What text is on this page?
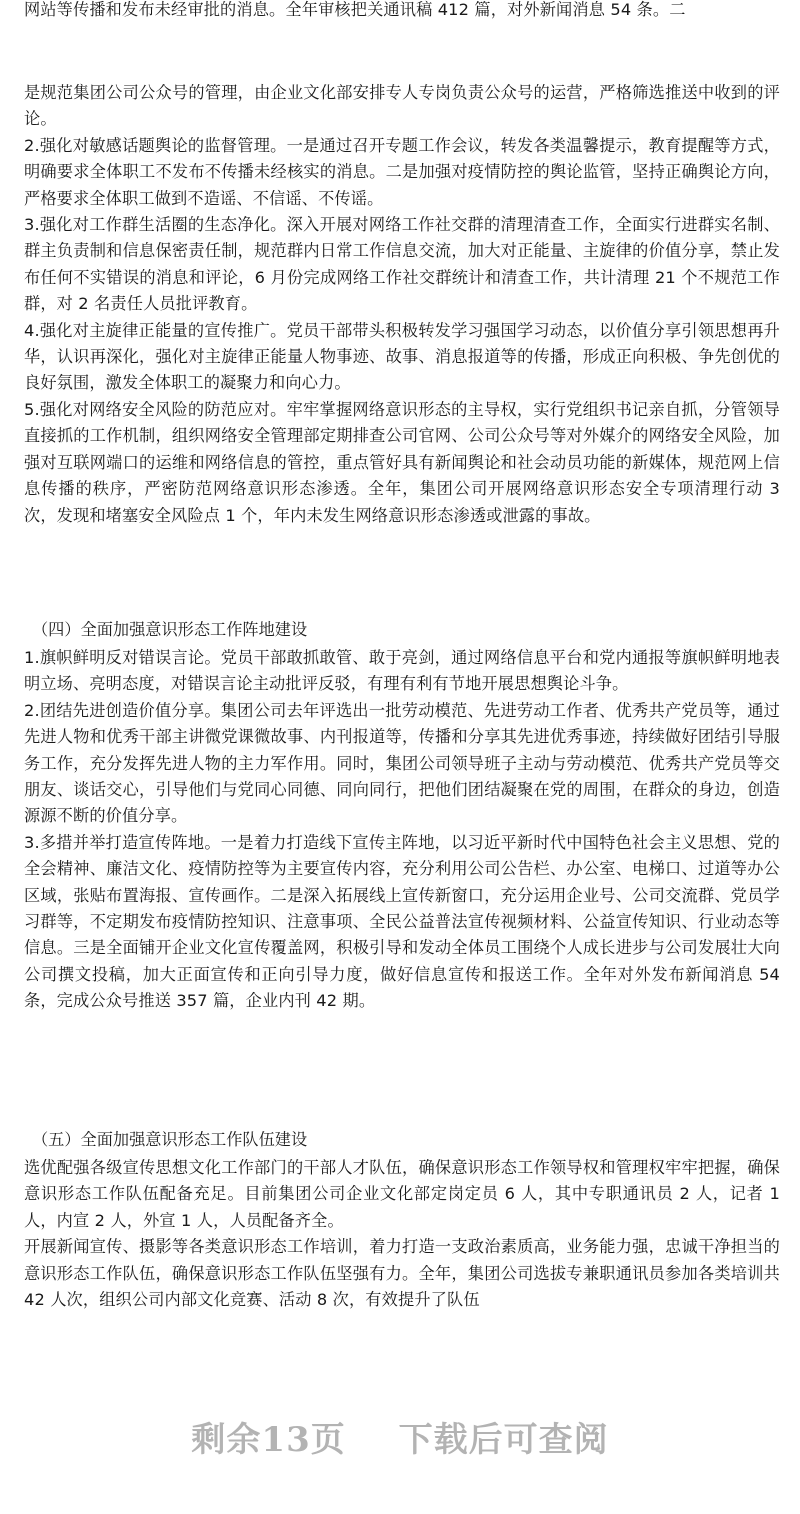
网站等传播和发布未经审批的消息。全年审核把关通讯稿 412 篇，对外新闻消息 54 条。二

是规范集团公司公众号的管理，由企业文化部安排专人专岗负责公众号的运营，严格筛选推送中收到的评论。

2.强化对敏感话题舆论的监督管理。一是通过召开专题工作会议，转发各类温馨提示，教育提醒等方式，明确要求全体职工不发布不传播未经核实的消息。二是加强对疫情防控的舆论监管，坚持正确舆论方向，严格要求全体职工做到不造谣、不信谣、不传谣。

3.强化对工作群生活圈的生态净化。深入开展对网络工作社交群的清理清查工作，全面实行进群实名制、群主负责制和信息保密责任制，规范群内日常工作信息交流，加大对正能量、主旋律的价值分享，禁止发布任何不实错误的消息和评论，6 月份完成网络工作社交群统计和清查工作，共计清理 21 个不规范工作群，对 2 名责任人员批评教育。

4.强化对主旋律正能量的宣传推广。党员干部带头积极转发学习强国学习动态，以价值分享引领思想再升华，认识再深化，强化对主旋律正能量人物事迹、故事、消息报道等的传播，形成正向积极、争先创优的良好氛围，激发全体职工的凝聚力和向心力。

5.强化对网络安全风险的防范应对。牢牢掌握网络意识形态的主导权，实行党组织书记亲自抓，分管领导直接抓的工作机制，组织网络安全管理部定期排查公司官网、公司公众号等对外媒介的网络安全风险，加强对互联网端口的运维和网络信息的管控，重点管好具有新闻舆论和社会动员功能的新媒体，规范网上信息传播的秩序，严密防范网络意识形态渗透。全年，集团公司开展网络意识形态安全专项清理行动 3 次，发现和堵塞安全风险点 1 个，年内未发生网络意识形态渗透或泄露的事故。

（四）全面加强意识形态工作阵地建设

1.旗帜鲜明反对错误言论。党员干部敢抓敢管、敢于亮剑，通过网络信息平台和党内通报等旗帜鲜明地表明立场、亮明态度，对错误言论主动批评反驳，有理有利有节地开展思想舆论斗争。

2.团结先进创造价值分享。集团公司去年评选出一批劳动模范、先进劳动工作者、优秀共产党员等，通过先进人物和优秀干部主讲微党课微故事、内刊报道等，传播和分享其先进优秀事迹，持续做好团结引导服务工作，充分发挥先进人物的主力军作用。同时，集团公司领导班子主动与劳动模范、优秀共产党员等交朋友、谈话交心，引导他们与党同心同德、同向同行，把他们团结凝聚在党的周围，在群众的身边，创造源源不断的价值分享。

3.多措并举打造宣传阵地。一是着力打造线下宣传主阵地，以习近平新时代中国特色社会主义思想、党的全会精神、廉洁文化、疫情防控等为主要宣传内容，充分利用公司公告栏、办公室、电梯口、过道等办公区域，张贴布置海报、宣传画作。二是深入拓展线上宣传新窗口，充分运用企业号、公司交流群、党员学习群等，不定期发布疫情防控知识、注意事项、全民公益普法宣传视频材料、公益宣传知识、行业动态等信息。三是全面铺开企业文化宣传覆盖网，积极引导和发动全体员工围绕个人成长进步与公司发展壮大向公司撰文投稿，加大正面宣传和正向引导力度，做好信息宣传和报送工作。全年对外发布新闻消息 54 条，完成公众号推送 357 篇，企业内刊 42 期。

（五）全面加强意识形态工作队伍建设

选优配强各级宣传思想文化工作部门的干部人才队伍，确保意识形态工作领导权和管理权牢牢把握，确保意识形态工作队伍配备充足。目前集团公司企业文化部定岗定员 6 人，其中专职通讯员 2 人，记者 1 人，内宣 2 人，外宣 1 人，人员配备齐全。

开展新闻宣传、摄影等各类意识形态工作培训，着力打造一支政治素质高，业务能力强，忠诚干净担当的意识形态工作队伍，确保意识形态工作队伍坚强有力。全年，集团公司选拔专兼职通讯员参加各类培训共 42 人次，组织公司内部文化竞赛、活动 8 次，有效提升了队伍

剩余13页 下载后可查阅
